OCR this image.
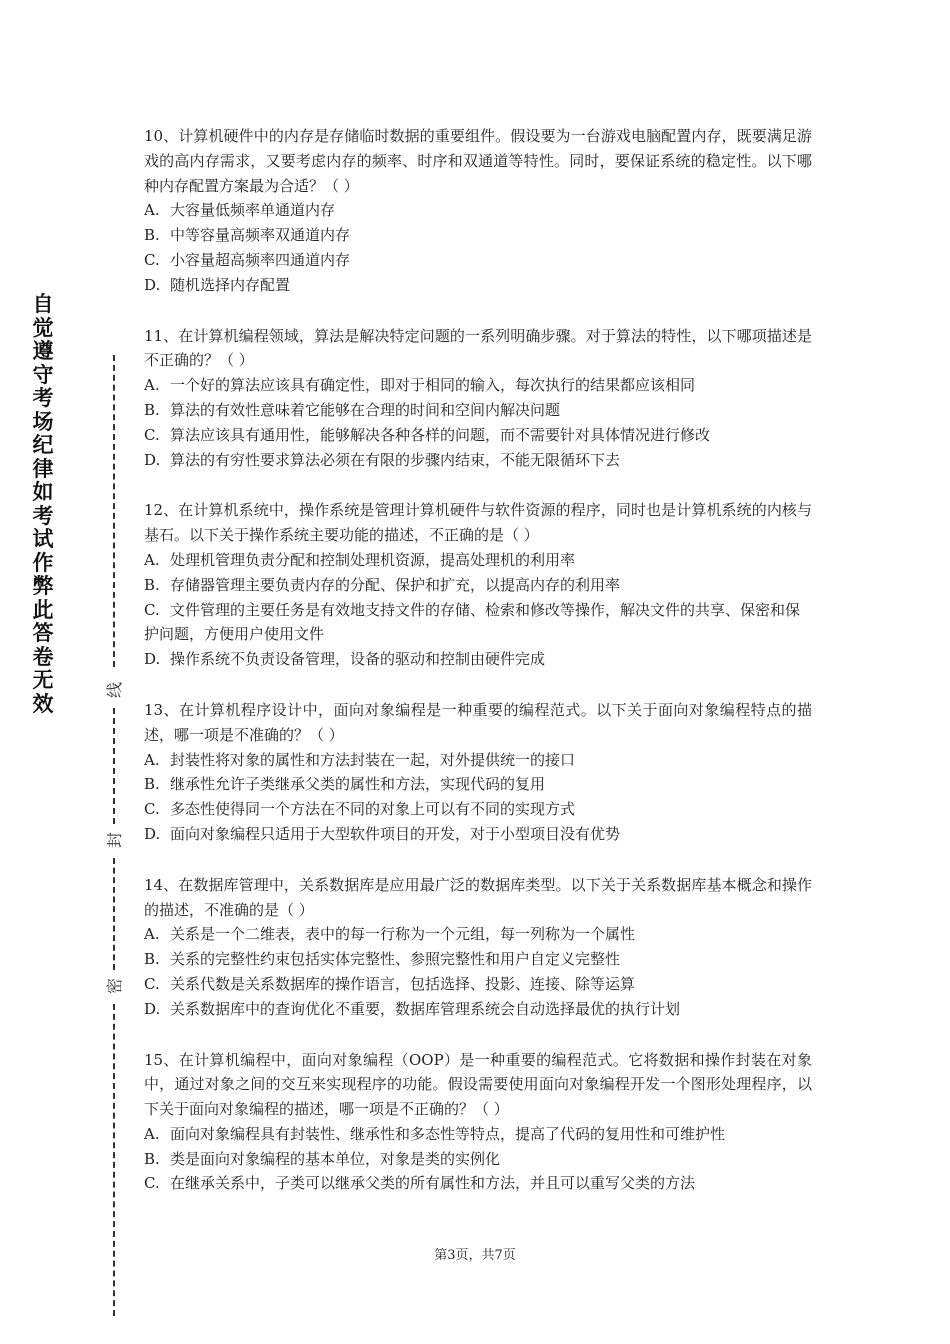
自觉遵守考场纪律如考试作弊此答卷无效
线
封
密
10、计算机硬件中的内存是存储临时数据的重要组件。假设要为一台游戏电脑配置内存，既要满足游戏的高内存需求，又要考虑内存的频率、时序和双通道等特性。同时，要保证系统的稳定性。以下哪种内存配置方案最为合适？（ ）
A. 大容量低频率单通道内存
B. 中等容量高频率双通道内存
C. 小容量超高频率四通道内存
D. 随机选择内存配置
11、在计算机编程领域，算法是解决特定问题的一系列明确步骤。对于算法的特性，以下哪项描述是不正确的？（ ）
A. 一个好的算法应该具有确定性，即对于相同的输入，每次执行的结果都应该相同
B. 算法的有效性意味着它能够在合理的时间和空间内解决问题
C. 算法应该具有通用性，能够解决各种各样的问题，而不需要针对具体情况进行修改
D. 算法的有穷性要求算法必须在有限的步骤内结束，不能无限循环下去
12、在计算机系统中，操作系统是管理计算机硬件与软件资源的程序，同时也是计算机系统的内核与基石。以下关于操作系统主要功能的描述，不正确的是（ ）
A. 处理机管理负责分配和控制处理机资源，提高处理机的利用率
B. 存储器管理主要负责内存的分配、保护和扩充，以提高内存的利用率
C. 文件管理的主要任务是有效地支持文件的存储、检索和修改等操作，解决文件的共享、保密和保护问题，方便用户使用文件
D. 操作系统不负责设备管理，设备的驱动和控制由硬件完成
13、在计算机程序设计中，面向对象编程是一种重要的编程范式。以下关于面向对象编程特点的描述，哪一项是不准确的？（ ）
A. 封装性将对象的属性和方法封装在一起，对外提供统一的接口
B. 继承性允许子类继承父类的属性和方法，实现代码的复用
C. 多态性使得同一个方法在不同的对象上可以有不同的实现方式
D. 面向对象编程只适用于大型软件项目的开发，对于小型项目没有优势
14、在数据库管理中，关系数据库是应用最广泛的数据库类型。以下关于关系数据库基本概念和操作的描述，不准确的是（ ）
A. 关系是一个二维表，表中的每一行称为一个元组，每一列称为一个属性
B. 关系的完整性约束包括实体完整性、参照完整性和用户自定义完整性
C. 关系代数是关系数据库的操作语言，包括选择、投影、连接、除等运算
D. 关系数据库中的查询优化不重要，数据库管理系统会自动选择最优的执行计划
15、在计算机编程中，面向对象编程（OOP）是一种重要的编程范式。它将数据和操作封装在对象中，通过对象之间的交互来实现程序的功能。假设需要使用面向对象编程开发一个图形处理程序，以下关于面向对象编程的描述，哪一项是不正确的？（ ）
A. 面向对象编程具有封装性、继承性和多态性等特点，提高了代码的复用性和可维护性
B. 类是面向对象编程的基本单位，对象是类的实例化
C. 在继承关系中，子类可以继承父类的所有属性和方法，并且可以重写父类的方法
第3页，共7页
